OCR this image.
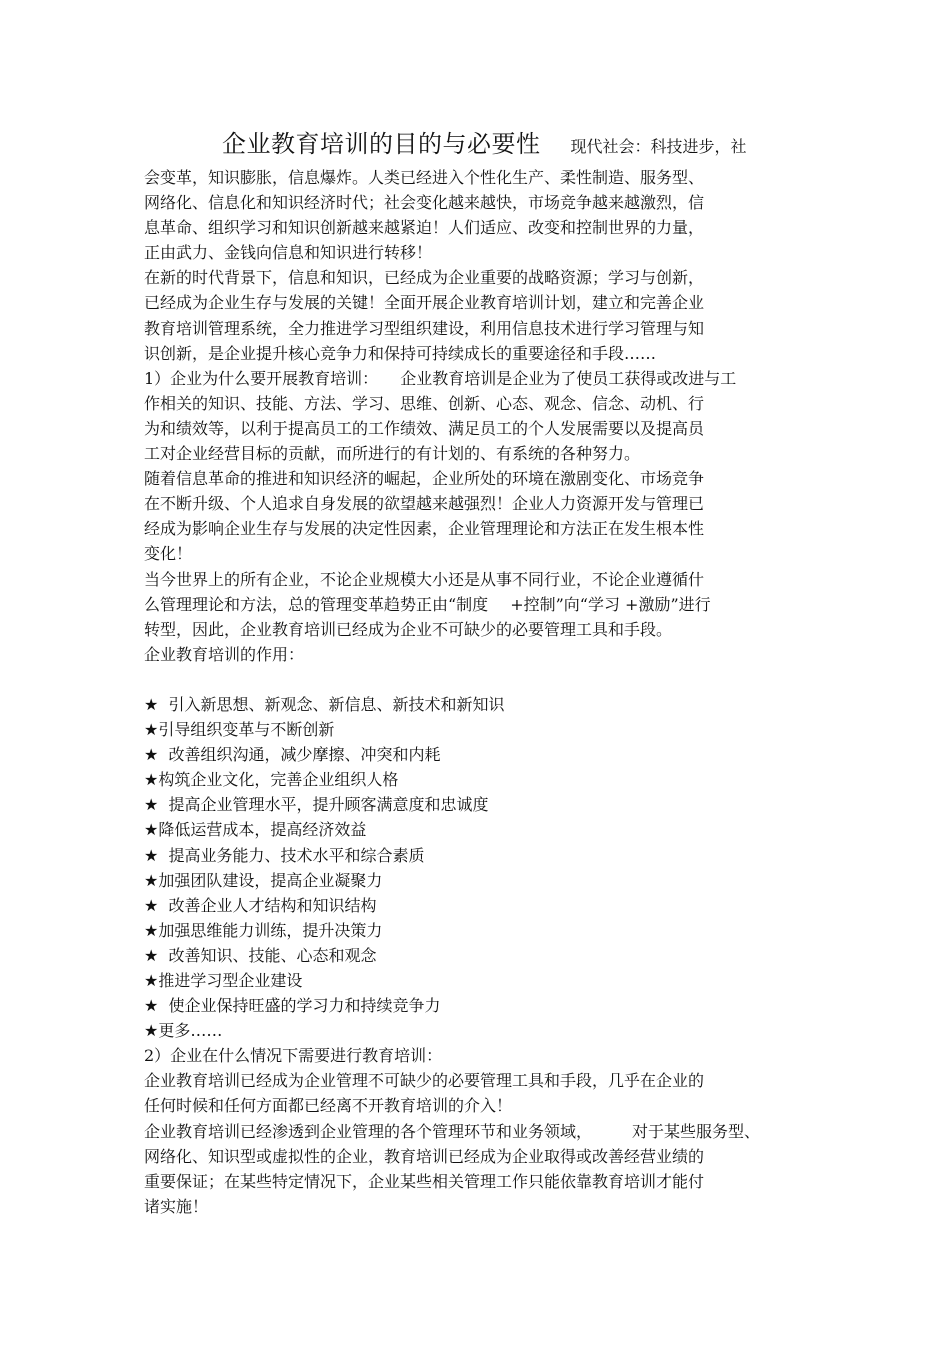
企业教育培训的目的与必要性 现代社会：科技进步，社
会变革，知识膨胀，信息爆炸。人类已经进入个性化生产、柔性制造、服务型、
网络化、信息化和知识经济时代；社会变化越来越快，市场竞争越来越激烈，信
息革命、组织学习和知识创新越来越紧迫！人们适应、改变和控制世界的力量，
正由武力、金钱向信息和知识进行转移！
在新的时代背景下，信息和知识，已经成为企业重要的战略资源；学习与创新，
已经成为企业生存与发展的关键！全面开展企业教育培训计划，建立和完善企业
教育培训管理系统，全力推进学习型组织建设，利用信息技术进行学习管理与知
识创新，是企业提升核心竞争力和保持可持续成长的重要途径和手段……
1）企业为什么要开展教育培训： 企业教育培训是企业为了使员工获得或改进与工
作相关的知识、技能、方法、学习、思维、创新、心态、观念、信念、动机、行
为和绩效等，以利于提高员工的工作绩效、满足员工的个人发展需要以及提高员
工对企业经营目标的贡献，而所进行的有计划的、有系统的各种努力。
随着信息革命的推进和知识经济的崛起，企业所处的环境在激剧变化、市场竞争
在不断升级、个人追求自身发展的欲望越来越强烈！企业人力资源开发与管理已
经成为影响企业生存与发展的决定性因素，企业管理理论和方法正在发生根本性
变化！
当今世界上的所有企业，不论企业规模大小还是从事不同行业，不论企业遵循什
么管理理论和方法，总的管理变革趋势正由“制度 +控制”向“学习 +激励”进行
转型，因此，企业教育培训已经成为企业不可缺少的必要管理工具和手段。
企业教育培训的作用：
★ 引入新思想、新观念、新信息、新技术和新知识
★引导组织变革与不断创新
★ 改善组织沟通，减少摩擦、冲突和内耗
★构筑企业文化，完善企业组织人格
★ 提高企业管理水平，提升顾客满意度和忠诚度
★降低运营成本，提高经济效益
★ 提高业务能力、技术水平和综合素质
★加强团队建设，提高企业凝聚力
★ 改善企业人才结构和知识结构
★加强思维能力训练，提升决策力
★ 改善知识、技能、心态和观念
★推进学习型企业建设
★ 使企业保持旺盛的学习力和持续竞争力
★更多……
2）企业在什么情况下需要进行教育培训：
企业教育培训已经成为企业管理不可缺少的必要管理工具和手段，几乎在企业的
任何时候和任何方面都已经离不开教育培训的介入！
企业教育培训已经渗透到企业管理的各个管理环节和业务领域，	对于某些服务型、
网络化、知识型或虚拟性的企业，教育培训已经成为企业取得或改善经营业绩的
重要保证；在某些特定情况下，企业某些相关管理工作只能依靠教育培训才能付
诸实施！
